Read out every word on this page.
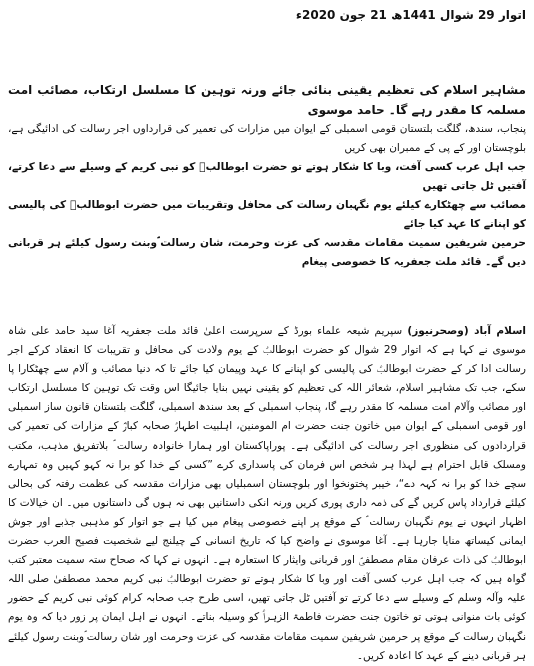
اتوار 29 شوال 1441ھ 21 جون 2020ء

مشاہیر اسلام کی تعظیم یقینی بنائی جائے ورنہ توہین کا مسلسل ارتکاب، مصائب امت مسلمہ کا مقدر رہے گا۔ حامد موسوی

پنجاب، سندھ، گلگت بلتستان قومی اسمبلی کے ایوان میں مزارات کی تعمیر کی قرارداوں اجر رسالت کی ادائیگی ہے، بلوچستان اور کے پی کے ممبران بھی کریں

جب اہل عرب کسی آفت، وبا کا شکار ہوتے تو حضرت ابوطالبؑ کو نبی کریم کے وسیلے سے دعا کرتے، آفتیں ٹل جاتی تھیں

مصائب سے چھٹکارے کیلئے یوم نگہبان رسالت کی محافل وتقریبات میں حضرت ابوطالبؑ کی پالیسی کو اپنانے کا عہد کیا جائے

حرمین شریفین سمیت مقامات مقدسہ کی عزت وحرمت، شان رسالت ؐوبنت رسول کیلئے ہر قربانی دیں گے۔ قائد ملت جعفریہ کا خصوصی پیغام

اسلام آباد (وصحرنیوز) سپریم شیعہ علماء بورڈ کے سرپرست اعلیٰ قائد ملت جعفریہ آغا سید حامد علی شاہ موسوی نے کہا ہے کہ اتوار 29 شوال کو حضرت ابوطالبؑ کے یوم ولادت کی محافل و تقریبات کا انعقاد کرکے اجر رسالت ادا کر کے حضرت ابوطالبؑ کی پالیسی کو اپنانے کا عہد وپیمان کیا جائے تا کہ دنیا مصائب و آلام سے چھٹکارا پا سکے، جب تک مشاہیر اسلام، شعائر اللہ کی تعظیم کو یقینی نہیں بنایا جائیگا اس وقت تک توہین کا مسلسل ارتکاب اور مصائب وآلام امت مسلمہ کا مقدر رہے گا، پنجاب اسمبلی کے بعد سندھ اسمبلی، گلگت بلتستان قانون ساز اسمبلی اور قومی اسمبلی کے ایوان میں خاتون جنت حضرت ام المومنین، اہلبیت اطہارؑ صحابہ کبارؓ کے مزارات کی تعمیر کی قراردادوں کی منظوری اجر رسالت کی ادائیگی ہے۔ پوراپاکستان اور ہمارا خانوادہ رسالت ؐ بلاتفریق مذہب، مکتب ومسلک قابل احترام ہے لہذا ہر شخص اس فرمان کی پاسداری کرے ”کسی کے خدا کو برا نہ کہو کہیں وہ تمہارے سچے خدا کو برا نہ کہہ دے“، خیبر پختونخوا اور بلوچستان اسمبلیاں بھی مزارات مقدسہ کی عظمت رفتہ کی بحالی کیلئے قرارداد پاس کریں گے کی ذمہ داری پوری کریں ورنہ انکی داستانیں بھی نہ ہوں گی داستانوں میں۔ ان خیالات کا اظہار انہوں نے یوم نگہبان رسالت ؐ کے موقع پر اپنے خصوصی پیغام میں کیا ہے جو اتوار کو مذہبی جذبے اور جوش ایمانی کیساتھ منایا جارہا ہے۔ آغا موسوی نے واضح کیا کہ تاریخ انسانی کے چیلنج لیے شخصیت فصیح العرب حضرت ابوطالبؑ کی ذات عرفان مقام مصطفیؐ اور قربانی وایثار کا استعارہ ہے۔ انہوں نے کہا کہ صحاح ستہ سمیت معتبر کتب گواہ ہیں کہ جب اہل عرب کسی آفت اور وبا کا شکار ہوتے تو حضرت ابوطالبؑ نبی کریم محمد مصطفیٰ صلی اللہ علیہ وآلہ وسلم کے وسیلے سے دعا کرتے تو آفتیں ٹل جاتی تھیں، اسی طرح جب صحابہ کرام کوئی نبی کریم کے حضور کوئی بات منوانی ہوتی تو خاتون جنت حضرت فاطمۃ الزہراؑ کو وسیلہ بناتے۔ انہوں نے اہل ایمان پر زور دیا کہ وہ یوم نگہبان رسالت کے موقع پر حرمین شریفین سمیت مقامات مقدسہ کی عزت وحرمت اور شان رسالت ؐوبنت رسول کیلئے ہر قربانی دینے کے عہد کا اعادہ کریں۔
